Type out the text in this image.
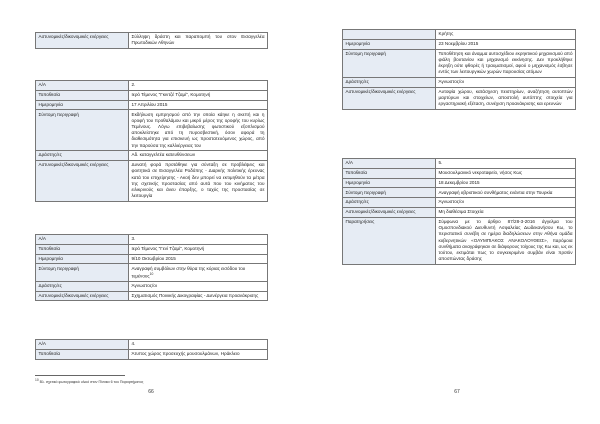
Αστυνομικές/δικονομικές ενέργειες	Σύλληψη δράστη και παραπομπή του στον Εισαγγελέα Πρωτοδικών Αθηνών
Α/Α	2.
Τοποθεσία	Ιερό Τέμενος "Γκιντζέ Τζαμί", Κομοτηνή
Ημερομηνία	17 Απριλίου 2015
Σύντομη περιγραφή	Εκδήλωση εμπρησμού από την οποία κάηκε η σκεπή και η οροφή του προθαλάμου και μικρό μέρος της οροφής του κυρίως Τεμένους. Λόγω επιβεβαίωσης φωτιστικού εξοπλισμού αποκλείστηκε από τη πυροσβεστική, όσον αφορά τη διαθεσιμότητα για επισκευή ως προστατευόμενος χώρος, από την παρούσα της καλλιέργειας του
Δράστης/ες	Αδ. καταγγελτέα κατευθύνσεων
Αστυνομικές/δικονομικές ενέργειες	Δυνατή φορά προτάθηκε για σύνταξη σε προβλέψεις και φοιτητικά σε Εισαγγελέα Ροδόπης - Διαρκής πολιτικής έρευνας κατά του επιχείρησης - Ακοή δεν μπορεί να εκτιμηθούν τα μέτρα της σχετικής προστασίας από αυτά που του κινήματος του ειλικρινούς και άνευ έπαρξης, ο ταχύς της προστασίας σε λειτουργία
Α/Α	3.
Τοποθεσία	Ιερό Τέμενος "Γενί Τζαμί", Κομοτηνή
Ημερομηνία	9/10 Οκτωβρίου 2015
Σύντομη περιγραφή	Αναγραφή συμβόλων στην θύρα της κύριας εισόδου του τεμένους$^{10}$
Δράστης/ες	Άγνωστος/οι
Αστυνομικές/δικονομικές ενέργειες	Σχηματισμός Ποινικής Δικογραφίας - Διενέργεια προανάκρισης
Α/Α	4.
Τοποθεσία	Άτυπος χώρος προσευχής μουσουλμάνων, Ηράκλειο
10 Βλ. σχετικό φωτογραφικό υλικό στον Πίνακα 6 του Παραρτήματος
66
	Κρήτης
Ημερομηνία	23 Νοεμβρίου 2015
Σύντομη περιγραφή	Τοποθέτηση και άναμμα αυτοσχέδιου εκρηκτικού μηχανισμού από φιάλη βουτανίου και μηχανισμό εκκίνησης. Δεν προκλήθηκε έκρηξη ούτε φθορές ή τραυματισμοί, αφού ο μηχανισμός έσβησε εντός των λειτουργικών χωρών παρουσίας ατόμων
Δράστης/ες	Άγνωστος/οι
Αστυνομικές/δικονομικές ενέργειες	Αυτοψία χώρου, κατάσχεση πειστηρίων, αναζήτηση αυτοπτών μαρτύρων και στοιχείων, αποστολή αυτόπτης στοιχεία για εργαστηριακή εξέταση, συνέχιση προανάκρισης και ερευνών
Α/Α	5.
Τοποθεσία	Μουσουλμανικό νεκροταφείο, νήσος Κως
Ημερομηνία	18 Δεκεμβρίου 2015
Σύντομη περιγραφή	Αναγραφή υβριστικού συνθήματος ενάντια στην Τουρκία
Δράστης/ες	Άγνωστος/οι
Αστυνομικές/δικονομικές ενέργειες	Μη διαθέσιμα Στοιχεία
Παρατηρήσεις	Σύμφωνα με το άρθρο 87/28-3-2016 άγγελμα του Ομοσπονδιακού Διευθυντή Ασφαλείας Δωδεκανήσου Κω, το περιστατικό συνέβη σε ημέρα διαδηλώσεων στην Αθήνα ομάδα κυβερνητικών «ΟΛΥΜΠΙΑΚΟΣ ΑΝΑΚΟΛΟΥΘΕΙΣ», παρόμοια συνθήματα αναγράφηκαν σε διάφορους τοίχους της Κω και, ως εκ τούτου, εκτιμάται πως το συγκεκριμένο συμβάν είναι προϊόν αποσπώντας δράσης
67
